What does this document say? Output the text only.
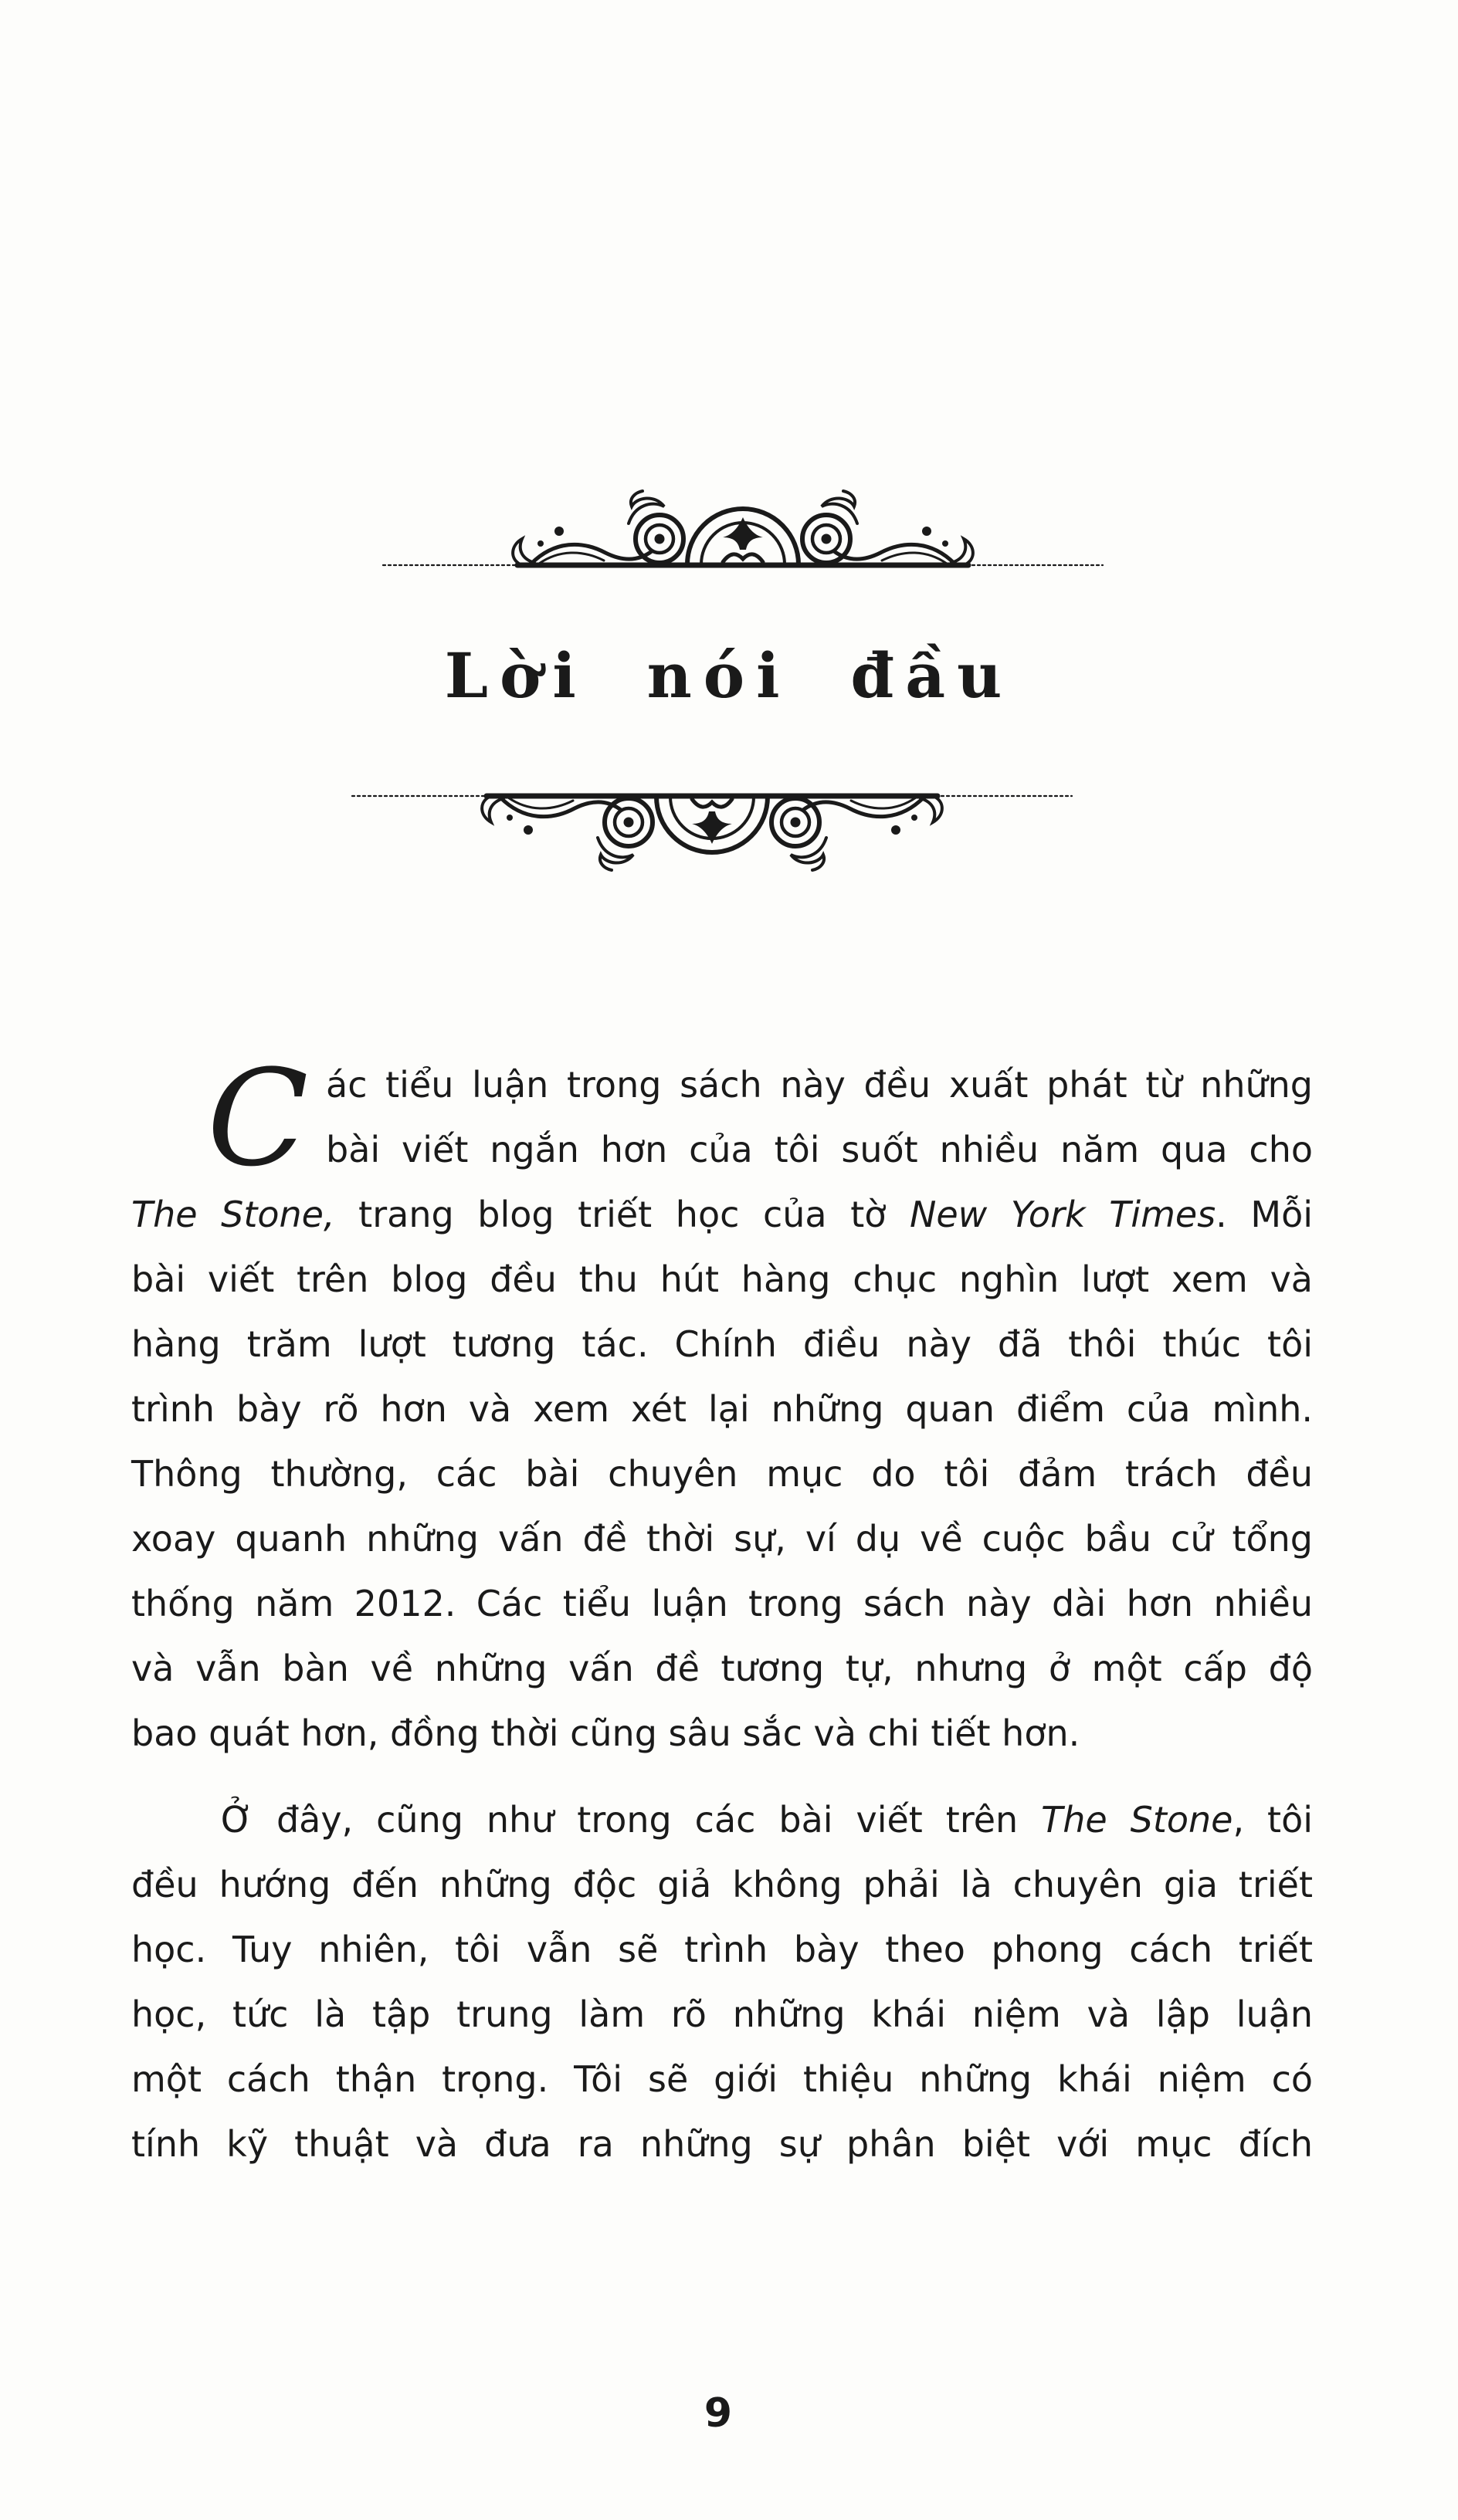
Lời nói đầu
C ác tiểu luận trong sách này đều xuất phát từ những
bài viết ngắn hơn của tôi suốt nhiều năm qua cho
The Stone, trang blog triết học của tờ New York Times. Mỗi
bài viết trên blog đều thu hút hàng chục nghìn lượt xem và
hàng trăm lượt tương tác. Chính điều này đã thôi thúc tôi
trình bày rõ hơn và xem xét lại những quan điểm của mình.
Thông thường, các bài chuyên mục do tôi đảm trách đều
xoay quanh những vấn đề thời sự, ví dụ về cuộc bầu cử tổng
thống năm 2012. Các tiểu luận trong sách này dài hơn nhiều
và vẫn bàn về những vấn đề tương tự, nhưng ở một cấp độ
bao quát hơn, đồng thời cũng sâu sắc và chi tiết hơn.
Ở đây, cũng như trong các bài viết trên The Stone, tôi
đều hướng đến những độc giả không phải là chuyên gia triết
học. Tuy nhiên, tôi vẫn sẽ trình bày theo phong cách triết
học, tức là tập trung làm rõ những khái niệm và lập luận
một cách thận trọng. Tôi sẽ giới thiệu những khái niệm có
tính kỹ thuật và đưa ra những sự phân biệt với mục đích
9
